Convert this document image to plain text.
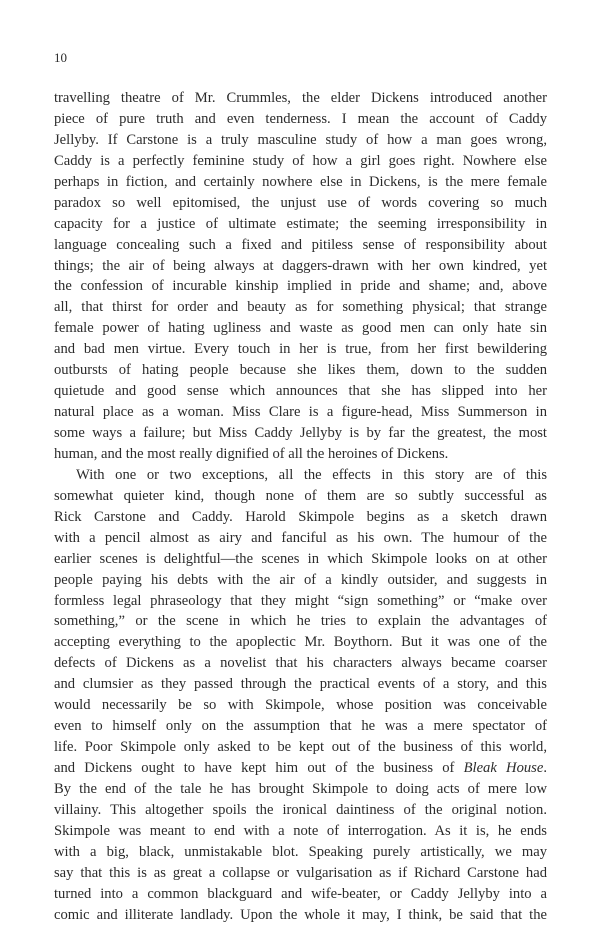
10
travelling theatre of Mr. Crummles, the elder Dickens introduced another
piece of pure truth and even tenderness. I mean the account of Caddy
Jellyby. If Carstone is a truly masculine study of how a man goes wrong,
Caddy is a perfectly feminine study of how a girl goes right. Nowhere else
perhaps in fiction, and certainly nowhere else in Dickens, is the mere female
paradox so well epitomised, the unjust use of words covering so much
capacity for a justice of ultimate estimate; the seeming irresponsibility in
language concealing such a fixed and pitiless sense of responsibility about
things; the air of being always at daggers-drawn with her own kindred, yet
the confession of incurable kinship implied in pride and shame; and, above
all, that thirst for order and beauty as for something physical; that strange
female power of hating ugliness and waste as good men can only hate sin
and bad men virtue. Every touch in her is true, from her first bewildering
outbursts of hating people because she likes them, down to the sudden
quietude and good sense which announces that she has slipped into her
natural place as a woman. Miss Clare is a figure-head, Miss Summerson in
some ways a failure; but Miss Caddy Jellyby is by far the greatest, the most
human, and the most really dignified of all the heroines of Dickens.
With one or two exceptions, all the effects in this story are of this
somewhat quieter kind, though none of them are so subtly successful as
Rick Carstone and Caddy. Harold Skimpole begins as a sketch drawn
with a pencil almost as airy and fanciful as his own. The humour of the
earlier scenes is delightful—the scenes in which Skimpole looks on at other
people paying his debts with the air of a kindly outsider, and suggests in
formless legal phraseology that they might “sign something” or “make over
something,” or the scene in which he tries to explain the advantages of
accepting everything to the apoplectic Mr. Boythorn. But it was one of the
defects of Dickens as a novelist that his characters always became coarser
and clumsier as they passed through the practical events of a story, and this
would necessarily be so with Skimpole, whose position was conceivable
even to himself only on the assumption that he was a mere spectator of
life. Poor Skimpole only asked to be kept out of the business of this world,
and Dickens ought to have kept him out of the business of Bleak House.
By the end of the tale he has brought Skimpole to doing acts of mere low
villainy. This altogether spoils the ironical daintiness of the original notion.
Skimpole was meant to end with a note of interrogation. As it is, he ends
with a big, black, unmistakable blot. Speaking purely artistically, we may
say that this is as great a collapse or vulgarisation as if Richard Carstone had
turned into a common blackguard and wife-beater, or Caddy Jellyby into a
comic and illiterate landlady. Upon the whole it may, I think, be said that the
